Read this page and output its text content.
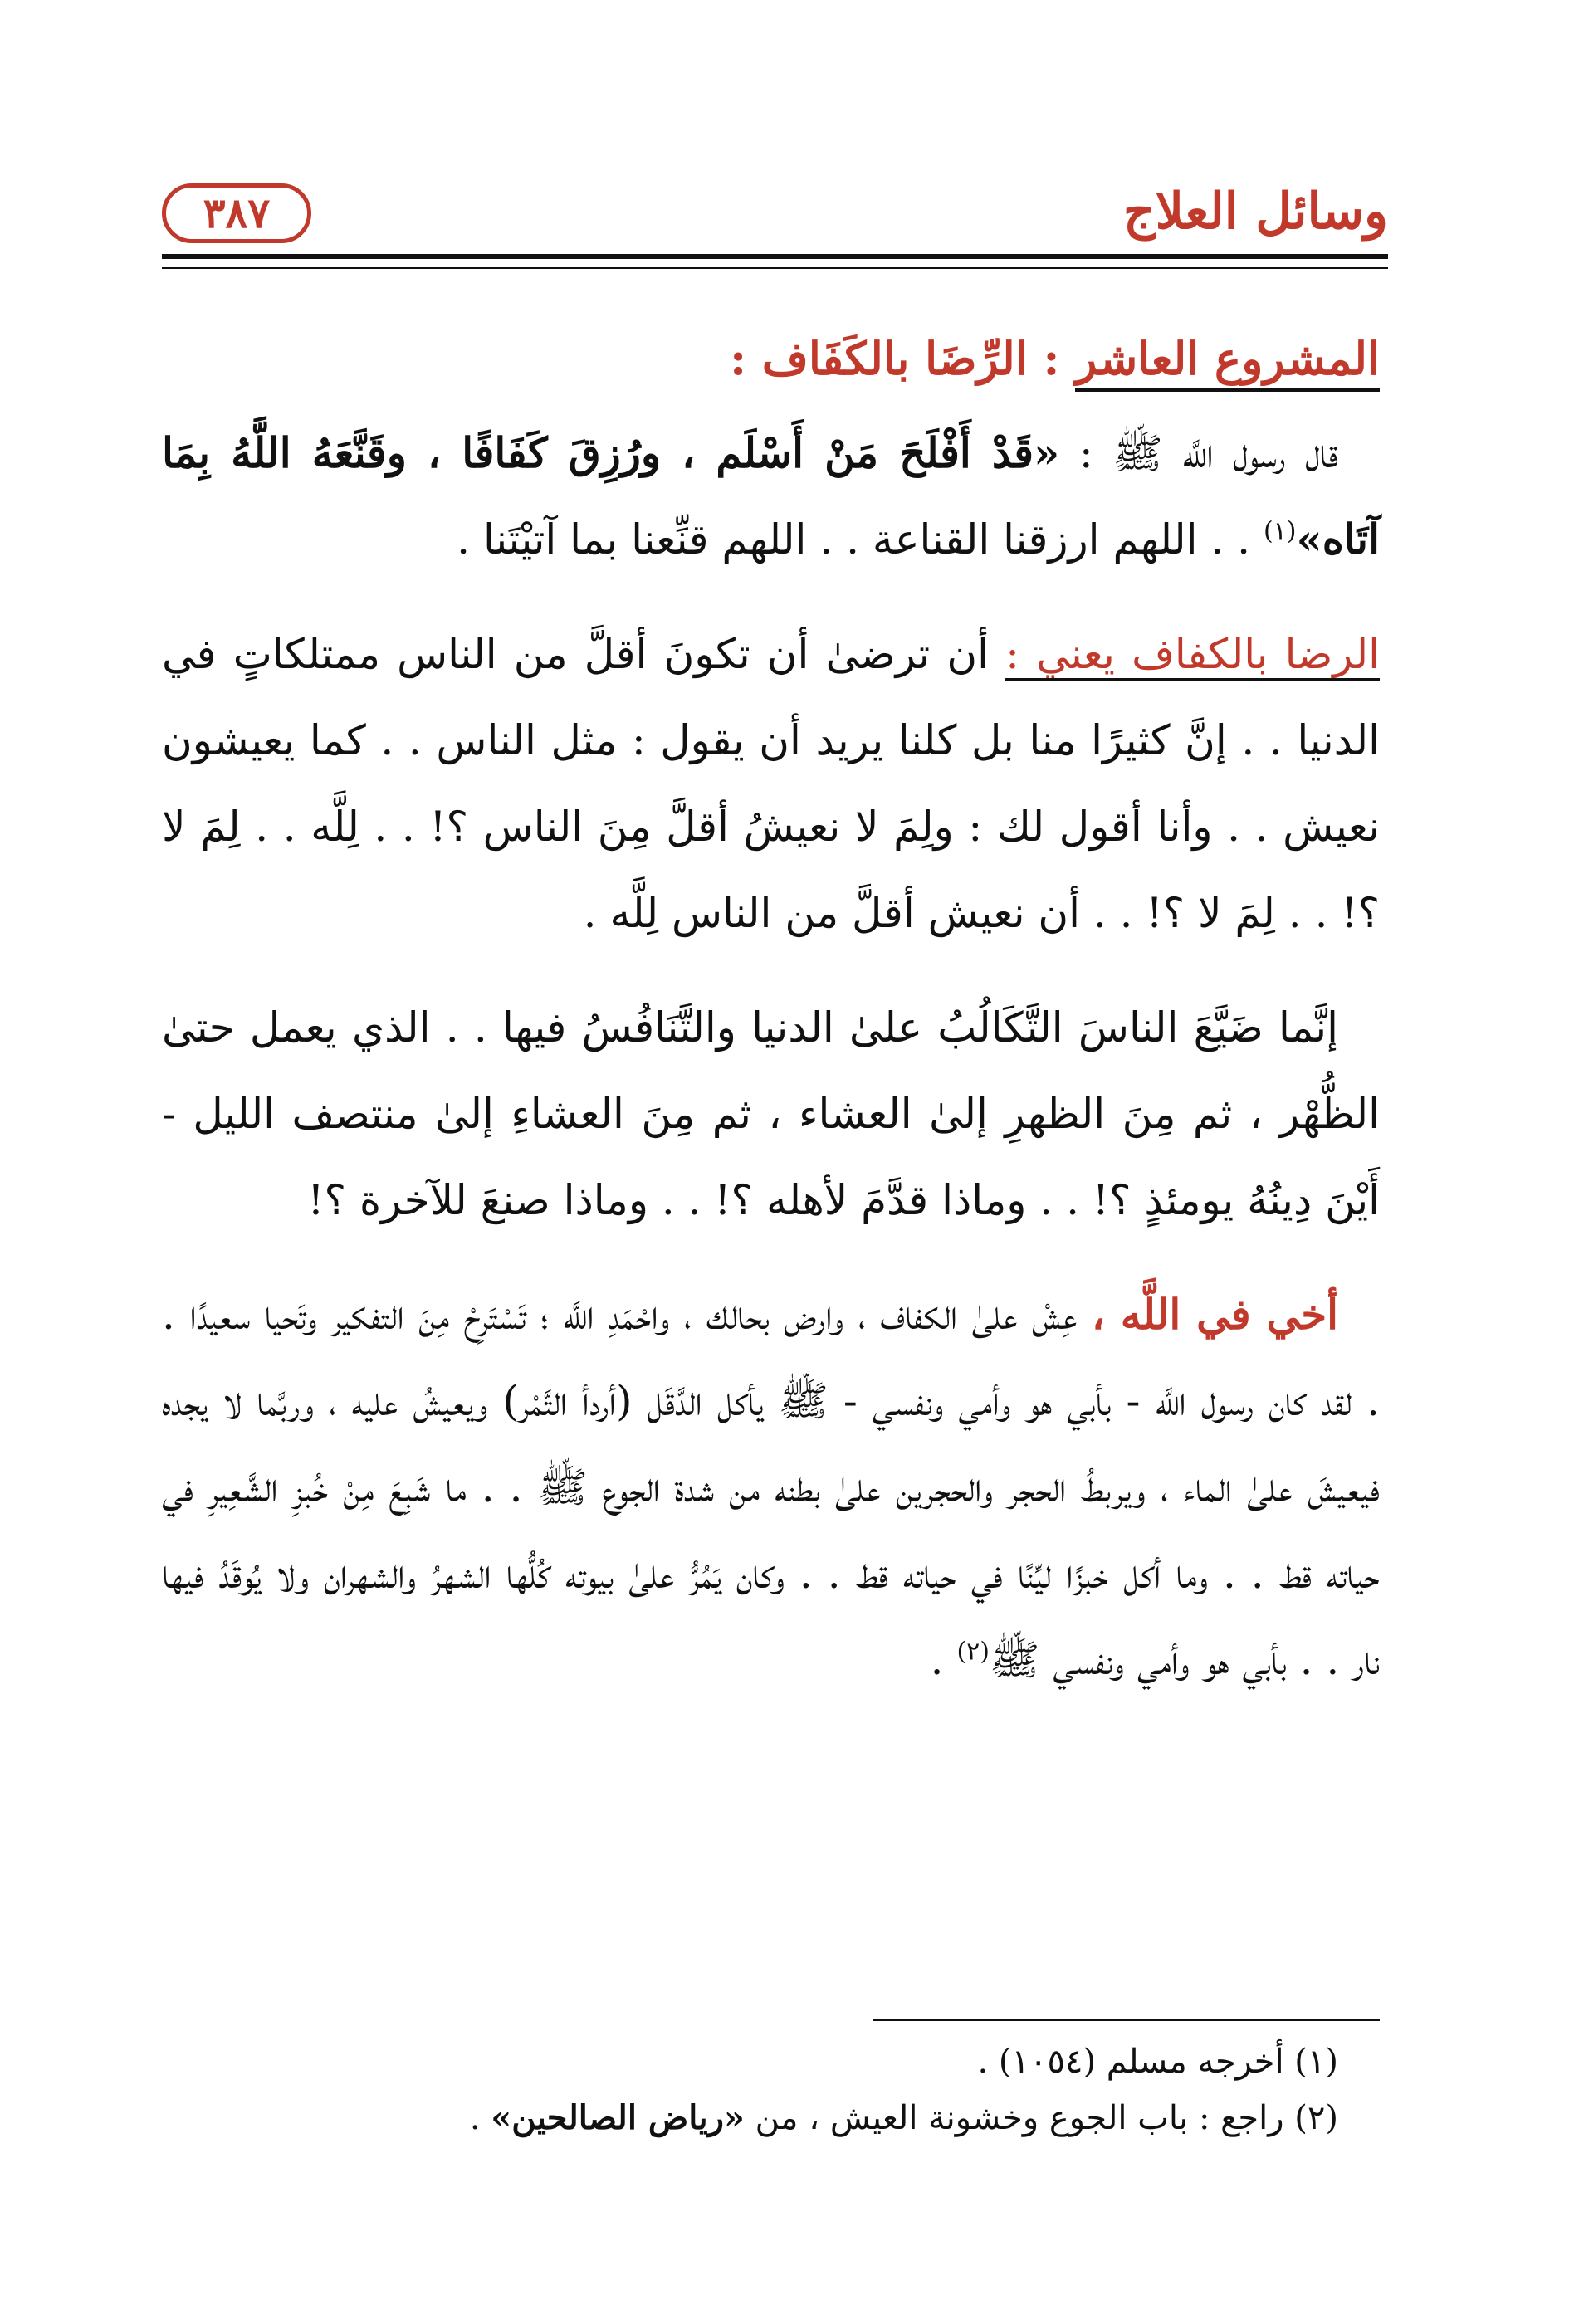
وسائل العلاج
٣٨٧
المشروع العاشر : الرِّضَا بالكَفَاف :

قال رسول اللَّه ﷺ : «قَدْ أَفْلَحَ مَنْ أَسْلَم ، ورُزِقَ كَفَافًا ، وقَنَّعَهُ اللَّهُ بِمَا آتَاه»$^{(١)}$ . . اللهم ارزقنا القناعة . . اللهم قنِّعنا بما آتيْتَنا .

الرضا بالكفاف يعني : أن ترضىٰ أن تكونَ أقلَّ من الناس ممتلكاتٍ في الدنيا . . إنَّ كثيرًا منا بل كلنا يريد أن يقول : مثل الناس . . كما يعيشون نعيش . . وأنا أقول لك : ولِمَ لا نعيشُ أقلَّ مِنَ الناس ؟! . . لِلَّه . . لِمَ لا ؟! . . لِمَ لا ؟! . . أن نعيش أقلَّ من الناس لِلَّه .

إنَّما ضَيَّعَ الناسَ التَّكَالُبُ علىٰ الدنيا والتَّنَافُسُ فيها . . الذي يعمل حتىٰ الظُّهْر ، ثم مِنَ الظهرِ إلىٰ العشاء ، ثم مِنَ العشاءِ إلىٰ منتصف الليل - أَيْنَ دِينُهُ يومئذٍ ؟! . . وماذا قدَّمَ لأهله ؟! . . وماذا صنعَ للآخرة ؟!

أخي في اللَّه ، عِشْ علىٰ الكفاف ، وارض بحالك ، واحْمَدِ اللَّه ؛ تَسْتَرِحْ مِنَ التفكير وتَحيا سعيدًا . . لقد كان رسول اللَّه - بأبي هو وأمي ونفسي - ﷺ يأكل الدَّقَل (أردأ التَّمْر) ويعيشُ عليه ، وربَّما لا يجده فيعيشَ علىٰ الماء ، ويربطُ الحجر والحجرين علىٰ بطنه من شدة الجوع ﷺ . . ما شَبِعَ مِنْ خُبزِ الشَّعِيرِ في حياته قط . . وما أكل خبزًا ليِّنًا في حياته قط . . وكان يَمُرُّ علىٰ بيوته كُلُّها الشهرُ والشهران ولا يُوقَدُ فيها نار . . بأبي هو وأمي ونفسي ﷺ$^{(٢)}$ .

(١) أخرجه مسلم (١٠٥٤) .

(٢) راجع : باب الجوع وخشونة العيش ، من «رياض الصالحين» .
